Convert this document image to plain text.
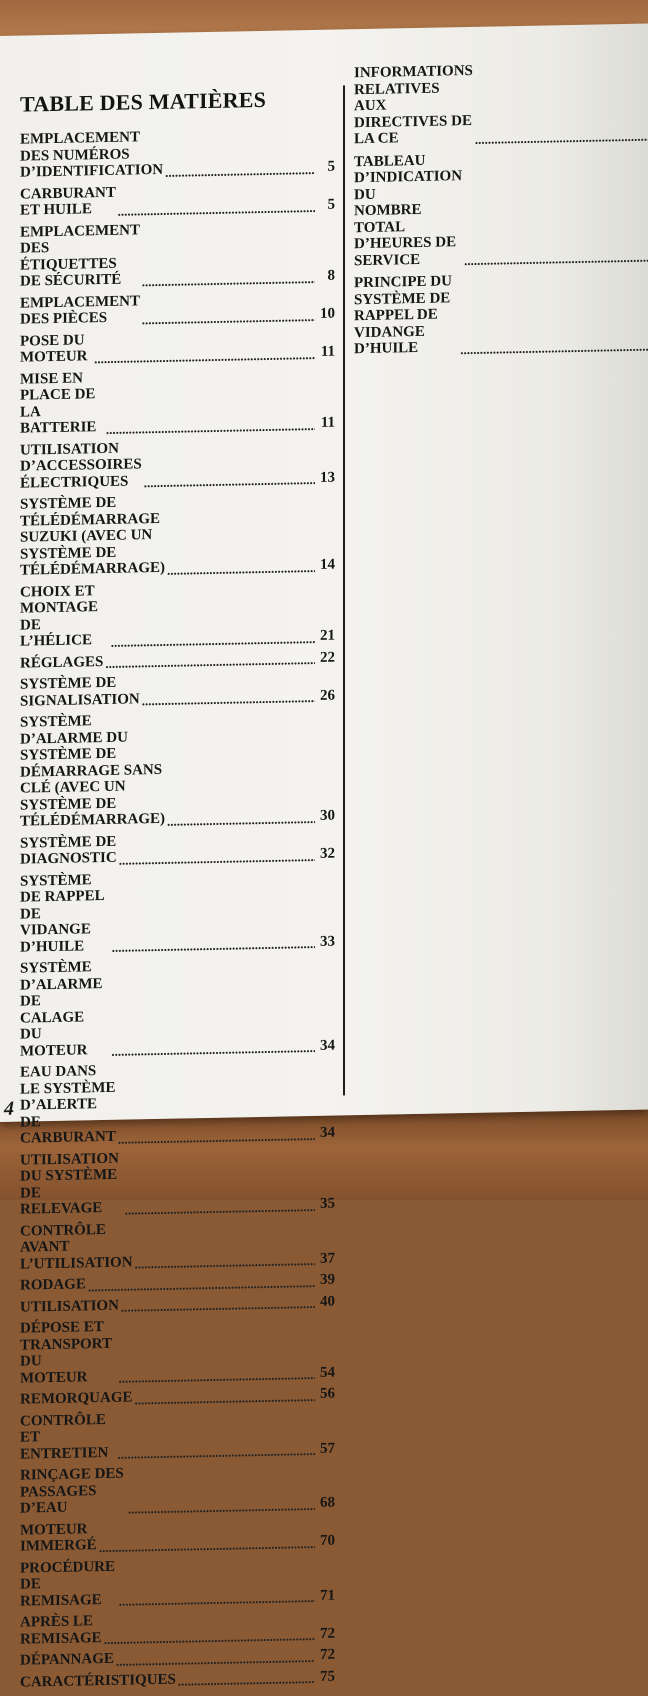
TABLE DES MATIÈRES
EMPLACEMENT DES NUMÉROS
D’IDENTIFICATION .....	5
CARBURANT ET HUILE .....	5
EMPLACEMENT DES
ÉTIQUETTES DE SÉCURITÉ .....	8
EMPLACEMENT DES PIÈCES .....	10
POSE DU MOTEUR .....	11
MISE EN PLACE DE LA
BATTERIE .....	11
UTILISATION D’ACCESSOIRES
ÉLECTRIQUES .....	13
SYSTÈME DE TÉLÉDÉMARRAGE
SUZUKI (AVEC UN SYSTÈME DE
TÉLÉDÉMARRAGE) .....	14
CHOIX ET MONTAGE DE
L’HÉLICE .....	21
RÉGLAGES .....	22
SYSTÈME DE SIGNALISATION .....	26
SYSTÈME D’ALARME DU
SYSTÈME DE DÉMARRAGE SANS
CLÉ (AVEC UN SYSTÈME DE
TÉLÉDÉMARRAGE) .....	30
SYSTÈME DE DIAGNOSTIC .....	32
SYSTÈME DE RAPPEL DE
VIDANGE D’HUILE .....	33
SYSTÈME D’ALARME DE
CALAGE DU MOTEUR .....	34
EAU DANS LE SYSTÈME
D’ALERTE DE CARBURANT .....	34
UTILISATION DU SYSTÈME DE
RELEVAGE .....	35
CONTRÔLE AVANT
L’UTILISATION .....	37
RODAGE .....	39
UTILISATION .....	40
DÉPOSE ET TRANSPORT DU
MOTEUR .....	54
REMORQUAGE .....	56
CONTRÔLE ET ENTRETIEN .....	57
RINÇAGE DES PASSAGES D’EAU .....	68
MOTEUR IMMERGÉ .....	70
PROCÉDURE DE REMISAGE .....	71
APRÈS LE REMISAGE .....	72
DÉPANNAGE .....	72
CARACTÉRISTIQUES .....	75
INFORMATIONS RELATIVES AUX
DIRECTIVES DE LA CE
.....
TABLEAU D’INDICATION DU
NOMBRE TOTAL D’HEURES DE
SERVICE
.....
PRINCIPE DU SYSTÈME DE
RAPPEL DE VIDANGE D’HUILE
.....
4
